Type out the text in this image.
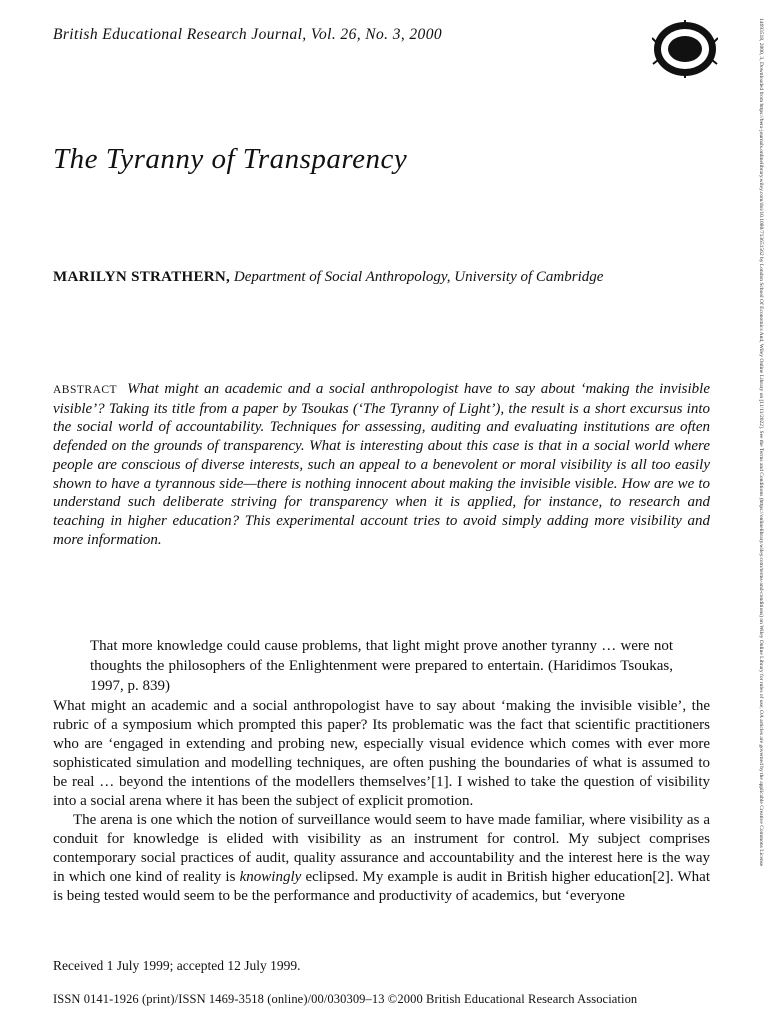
British Educational Research Journal, Vol. 26, No. 3, 2000	14693518, 2000, 3, Downloaded from https://bera-journals.onlinelibrary.wiley.com/doi/10.1080/713651562 by London School Of Economics And, Wiley Online Library on [11/11/2022]. See the Terms and Conditions (https://onlinelibrary.wiley.com/terms-and-conditions) on Wiley Online Library for rules of use; OA articles are governed by the applicable Creative Commons License
The Tyranny of Transparency
MARILYN STRATHERN, Department of Social Anthropology, University of Cambridge
ABSTRACT What might an academic and a social anthropologist have to say about ‘making the invisible visible’? Taking its title from a paper by Tsoukas (‘The Tyranny of Light’), the result is a short excursus into the social world of accountability. Techniques for assessing, auditing and evaluating institutions are often defended on the grounds of transparency. What is interesting about this case is that in a social world where people are conscious of diverse interests, such an appeal to a benevolent or moral visibility is all too easily shown to have a tyrannous side—there is nothing innocent about making the invisible visible. How are we to understand such deliberate striving for transparency when it is applied, for instance, to research and teaching in higher education? This experimental account tries to avoid simply adding more visibility and more information.
That more knowledge could cause problems, that light might prove another tyranny … were not thoughts the philosophers of the Enlightenment were prepared to entertain. (Haridimos Tsoukas, 1997, p. 839)

What might an academic and a social anthropologist have to say about ‘making the invisible visible’, the rubric of a symposium which prompted this paper? Its problematic was the fact that scientific practitioners who are ‘engaged in extending and probing new, especially visual evidence which comes with ever more sophisticated simulation and modelling techniques, are often pushing the boundaries of what is assumed to be real … beyond the intentions of the modellers themselves’[1]. I wished to take the question of visibility into a social arena where it has been the subject of explicit promotion.

The arena is one which the notion of surveillance would seem to have made familiar, where visibility as a conduit for knowledge is elided with visibility as an instrument for control. My subject comprises contemporary social practices of audit, quality assurance and accountability and the interest here is the way in which one kind of reality is knowingly eclipsed. My example is audit in British higher education[2]. What is being tested would seem to be the performance and productivity of academics, but ‘everyone

Received 1 July 1999; accepted 12 July 1999.
ISSN 0141-1926 (print)/ISSN 1469-3518 (online)/00/030309–13 ©2000 British Educational Research Association
